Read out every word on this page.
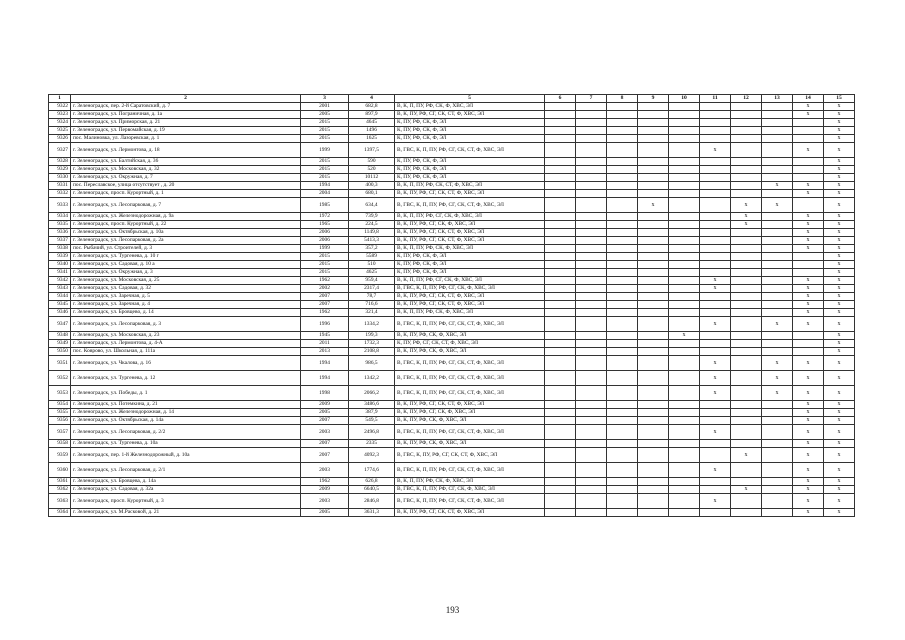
1	2	3	4	5	6	7	8	9	10	11	12	13	14	15
9322	г. Зеленоградск, пер. 2-й Саратовский, д. 7	2001	682,8	В, К, П, ПУ, РФ, СК, Ф, ХВС, ЭЛ									x	x
9323	г. Зеленоградск, ул. Пограничная, д. 1а	2005	897,9	В, К, ПУ, РФ, СГ, СК, СТ, Ф, ХВС, ЭЛ									x	x
9324	г. Зеленоградск, ул. Приморская, д. 21	2015	4645	К, ПУ, РФ, СК, Ф, ЭЛ										x
9325	г. Зеленоградск, ул. Первомайская, д. 19	2015	1496	К, ПУ, РФ, СК, Ф, ЭЛ										x
9326	пос. Малиновка, ул. Лазоревская, д. 1	2015	1625	К, ПУ, РФ, СК, Ф, ЭЛ										x
9327	г. Зеленоградск, ул. Лермонтова, д. 18	1999	1397,5	В, ГВС, К, П, ПУ, РФ, СГ, СК, СТ, Ф, ХВС, ЭЛ						x			x	x
9328	г. Зеленоградск, ул. Балтийская, д. 36	2015	590	К, ПУ, РФ, СК, Ф, ЭЛ										x
9329	г. Зеленоградск, ул. Московская, д. 32	2015	520	К, ПУ, РФ, СК, Ф, ЭЛ										x
9330	г. Зеленоградск, ул. Окружная, д. 7	2015	10112	К, ПУ, РФ, СК, Ф, ЭЛ										x
9331	пос. Переславское, улица отсутствует , д. 20	1994	400,3	В, К, П, ПУ, РФ, СК, СТ, Ф, ХВС, ЭЛ								x	x	x
9332	г. Зеленоградск, просп. Курортный, д. 1	2004	680,1	В, К, ПУ, РФ, СГ, СК, СТ, Ф, ХВС, ЭЛ									x	x
9333	г. Зеленоградск, ул. Лесопарковая, д. 7	1985	634,4	В, ГВС, К, П, ПУ, РФ, СГ, СК, СТ, Ф, ХВС, ЭЛ				x			x	x		x
9334	г. Зеленоградск, ул. Железнодорожная, д. 9а	1972	739,9	В, К, П, ПУ, РФ, СГ, СК, Ф, ХВС, ЭЛ							x		x	x
9335	г. Зеленоградск, просп. Курортный, д. 22	1965	224,5	В, К, ПУ, РФ, СГ, СК, Ф, ХВС, ЭЛ							x		x	x
9336	г. Зеленоградск, ул. Октябрьская, д. 10а	2006	1149,8	В, К, ПУ, РФ, СГ, СК, СТ, Ф, ХВС, ЭЛ									x	x
9337	г. Зеленоградск, ул. Лесопарковая, д. 2а	2006	5413,3	В, К, ПУ, РФ, СГ, СК, СТ, Ф, ХВС, ЭЛ									x	x
9338	пос. Рыбачий, ул. Строителей, д. 3	1999	357,2	В, К, П, ПУ, РФ, СК, Ф, ХВС, ЭЛ									x	x
9339	г. Зеленоградск, ул. Тургенева, д. 10 г	2015	5589	К, ПУ, РФ, СК, Ф, ЭЛ										x
9340	г. Зеленоградск, ул. Садовая, д. 10 а	2015	510	К, ПУ, РФ, СК, Ф, ЭЛ										x
9341	г. Зеленоградск, ул. Окружная, д. 3	2015	4625	К, ПУ, РФ, СК, Ф, ЭЛ										x
9342	г. Зеленоградск, ул. Московская, д. 25	1962	959,4	В, К, П, ПУ, РФ, СГ, СК, Ф, ХВС, ЭЛ						x			x	x
9343	г. Зеленоградск, ул. Садовая, д. 32	2002	2317,4	В, ГВС, К, П, ПУ, РФ, СГ, СК, Ф, ХВС, ЭЛ						x			x	x
9344	г. Зеленоградск, ул. Заречная, д. 5	2007	78,7	В, К, ПУ, РФ, СГ, СК, СТ, Ф, ХВС, ЭЛ									x	x
9345	г. Зеленоградск, ул. Заречная, д. 4	2007	716,6	В, К, ПУ, РФ, СГ, СК, СТ, Ф, ХВС, ЭЛ									x	x
9346	г. Зеленоградск, ул. Бровцево, д. 14	1962	321,4	В, К, П, ПУ, РФ, СК, Ф, ХВС, ЭЛ									x	x
9347	г. Зеленоградск, ул. Лесопарковая, д. 3	1996	1334,2	В, ГВС, К, П, ПУ, РФ, СГ, СК, СТ, Ф, ХВС, ЭЛ						x		x	x	x
9348	г. Зеленоградск, ул. Московская, д. 23	1945	199,3	В, К, ПУ, РФ, СК, Ф, ХВС, ЭЛ					x					x
9349	г. Зеленоградск, ул. Лермонтова, д. 4-А	2011	1732,3	К, ПУ, РФ, СГ, СК, СТ, Ф, ХВС, ЭЛ										x
9350	пос. Коврово, ул. Школьная, д. 111а	2013	2108,8	В, К, ПУ, РФ, СК, Ф, ХВС, ЭЛ										x
9351	г. Зеленоградск, ул. Чкалова, д. 16	1994	986,5	В, ГВС, К, П, ПУ, РФ, СГ, СК, СТ, Ф, ХВС, ЭЛ						x		x	x	x
9352	г. Зеленоградск, ул. Тургенева, д. 12	1994	1342,2	В, ГВС, К, П, ПУ, РФ, СГ, СК, СТ, Ф, ХВС, ЭЛ						x		x	x	x
9353	г. Зеленоградск, ул. Победы, д. 1	1998	2066,2	В, ГВС, К, П, ПУ, РФ, СГ, СК, СТ, Ф, ХВС, ЭЛ						x		x	x	x
9354	г. Зеленоградск, ул. Потемкина, д. 21	2009	3486,6	В, К, ПУ, РФ, СГ, СК, СТ, Ф, ХВС, ЭЛ									x	x
9355	г. Зеленоградск, ул. Железнодорожная, д. 14	2005	387,9	В, К, ПУ, РФ, СГ, СК, Ф, ХВС, ЭЛ									x	x
9356	г. Зеленоградск, ул. Октябрьская, д. 14а	2007	549,5	В, К, ПУ, РФ, СК, Ф, ХВС, ЭЛ									x	x
9357	г. Зеленоградск, ул. Лесопарковая, д. 2/2	2003	2496,8	В, ГВС, К, П, ПУ, РФ, СГ, СК, СТ, Ф, ХВС, ЭЛ						x			x	x
9358	г. Зеленоградск, ул. Тургенева, д. 10а	2007	2335	В, К, ПУ, РФ, СК, Ф, ХВС, ЭЛ									x	x
9359	г. Зеленоградск, пер. 1-й Железнодорожный, д. 10а	2007	4092,3	В, ГВС, К, ПУ, РФ, СГ, СК, СТ, Ф, ХВС, ЭЛ							x		x	x
9360	г. Зеленоградск, ул. Лесопарковая, д. 2/1	2003	1774,6	В, ГВС, К, П, ПУ, РФ, СГ, СК, СТ, Ф, ХВС, ЭЛ						x			x	x
9361	г. Зеленоградск, ул. Бровцева, д. 14а	1962	626,8	В, К, П, ПУ, РФ, СК, Ф, ХВС, ЭЛ									x	x
9362	г. Зеленоградск, ул. Садовая, д. 32а	2009	6640,5	В, ГВС, К, П, ПУ, РФ, СГ, СК, Ф, ХВС, ЭЛ							x		x	x
9363	г. Зеленоградск, просп. Курортный, д. 3	2003	2846,8	В, ГВС, К, П, ПУ, РФ, СГ, СК, СТ, Ф, ХВС, ЭЛ						x			x	x
9364	г. Зеленоградск, ул. М.Расковой, д. 21	2005	3631,3	В, К, ПУ, РФ, СГ, СК, СТ, Ф, ХВС, ЭЛ									x	x
193
